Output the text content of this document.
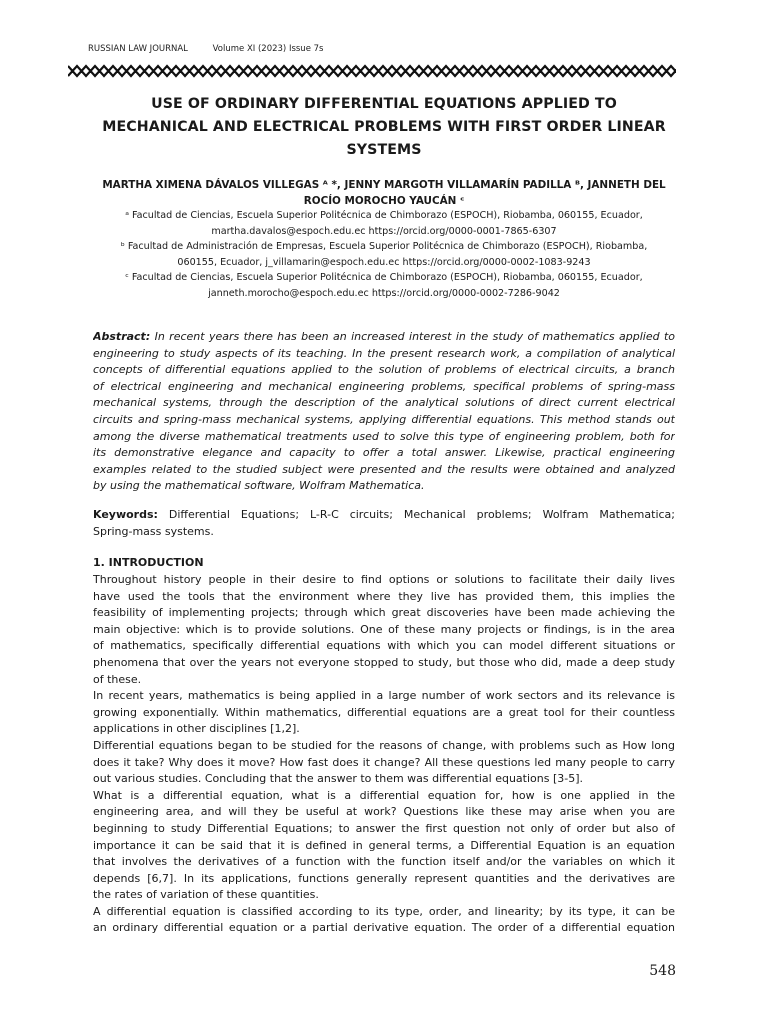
RUSSIAN LAW JOURNAL	Volume XI (2023) Issue 7s
USE OF ORDINARY DIFFERENTIAL EQUATIONS APPLIED TO
MECHANICAL AND ELECTRICAL PROBLEMS WITH FIRST ORDER LINEAR
SYSTEMS
MARTHA XIMENA DÁVALOS VILLEGAS ᴬ *, JENNY MARGOTH VILLAMARÍN PADILLA ᴮ, JANNETH DEL
ROCÍO MOROCHO YAUCÁN ᶜ
ᵃ Facultad de Ciencias, Escuela Superior Politécnica de Chimborazo (ESPOCH), Riobamba, 060155, Ecuador,
martha.davalos@espoch.edu.ec https://orcid.org/0000-0001-7865-6307
ᵇ Facultad de Administración de Empresas, Escuela Superior Politécnica de Chimborazo (ESPOCH), Riobamba,
060155, Ecuador, j_villamarin@espoch.edu.ec https://orcid.org/0000-0002-1083-9243
ᶜ Facultad de Ciencias, Escuela Superior Politécnica de Chimborazo (ESPOCH), Riobamba, 060155, Ecuador,
janneth.morocho@espoch.edu.ec https://orcid.org/0000-0002-7286-9042
Abstract: In recent years there has been an increased interest in the study of mathematics applied to
engineering to study aspects of its teaching. In the present research work, a compilation of analytical
concepts of differential equations applied to the solution of problems of electrical circuits, a branch
of electrical engineering and mechanical engineering problems, specifical problems of spring-mass
mechanical systems, through the description of the analytical solutions of direct current electrical
circuits and spring-mass mechanical systems, applying differential equations. This method stands out
among the diverse mathematical treatments used to solve this type of engineering problem, both for
its demonstrative elegance and capacity to offer a total answer. Likewise, practical engineering
examples related to the studied subject were presented and the results were obtained and analyzed
by using the mathematical software, Wolfram Mathematica.
Keywords: Differential Equations; L-R-C circuits; Mechanical problems; Wolfram Mathematica;
Spring-mass systems.
1. INTRODUCTION
Throughout history people in their desire to find options or solutions to facilitate their daily lives
have used the tools that the environment where they live has provided them, this implies the
feasibility of implementing projects; through which great discoveries have been made achieving the
main objective: which is to provide solutions. One of these many projects or findings, is in the area
of mathematics, specifically differential equations with which you can model different situations or
phenomena that over the years not everyone stopped to study, but those who did, made a deep study
of these.
In recent years, mathematics is being applied in a large number of work sectors and its relevance is
growing exponentially. Within mathematics, differential equations are a great tool for their countless
applications in other disciplines [1,2].
Differential equations began to be studied for the reasons of change, with problems such as How long
does it take? Why does it move? How fast does it change? All these questions led many people to carry
out various studies. Concluding that the answer to them was differential equations [3-5].
What is a differential equation, what is a differential equation for, how is one applied in the
engineering area, and will they be useful at work? Questions like these may arise when you are
beginning to study Differential Equations; to answer the first question not only of order but also of
importance it can be said that it is defined in general terms, a Differential Equation is an equation
that involves the derivatives of a function with the function itself and/or the variables on which it
depends [6,7]. In its applications, functions generally represent quantities and the derivatives are
the rates of variation of these quantities.
A differential equation is classified according to its type, order, and linearity; by its type, it can be
an ordinary differential equation or a partial derivative equation. The order of a differential equation
548
